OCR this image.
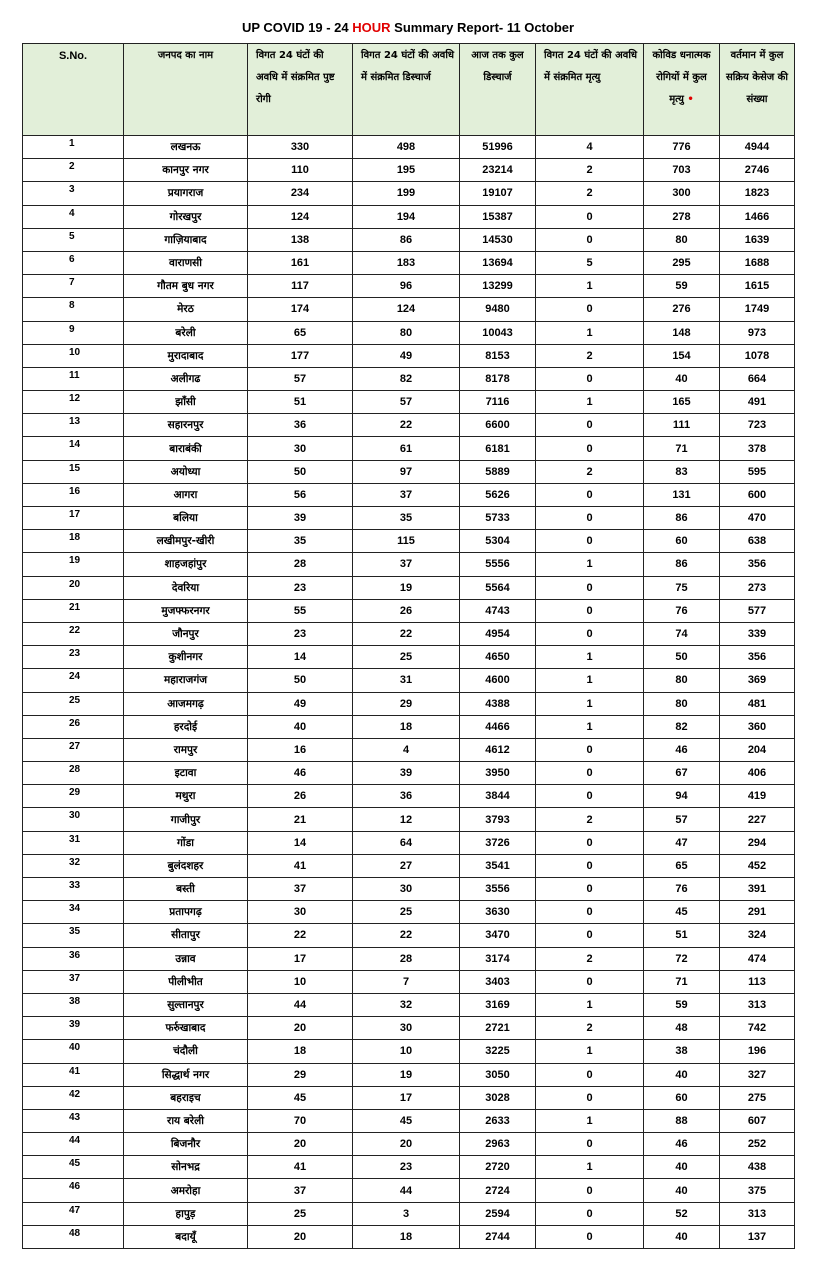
UP COVID 19 - 24 HOUR Summary Report- 11 October
S.No.	जनपद का नाम	विगत 24 घंटों की अवधि में संक्रमित पुष्ट रोगी	विगत 24 घंटों की अवधि में संक्रमित डिस्चार्ज	आज तक कुल डिस्चार्ज	विगत 24 घंटों की अवधि में संक्रमित मृत्यु	कोविड धनात्मक रोगियों में कुल मृत्यु •	वर्तमान में कुल सक्रिय केसेज की संख्या
1	लखनऊ	330	498	51996	4	776	4944
2	कानपुर नगर	110	195	23214	2	703	2746
3	प्रयागराज	234	199	19107	2	300	1823
4	गोरखपुर	124	194	15387	0	278	1466
5	गाज़ियाबाद	138	86	14530	0	80	1639
6	वाराणसी	161	183	13694	5	295	1688
7	गौतम बुध नगर	117	96	13299	1	59	1615
8	मेरठ	174	124	9480	0	276	1749
9	बरेली	65	80	10043	1	148	973
10	मुरादाबाद	177	49	8153	2	154	1078
11	अलीगढ	57	82	8178	0	40	664
12	झाँसी	51	57	7116	1	165	491
13	सहारनपुर	36	22	6600	0	111	723
14	बाराबंकी	30	61	6181	0	71	378
15	अयोध्या	50	97	5889	2	83	595
16	आगरा	56	37	5626	0	131	600
17	बलिया	39	35	5733	0	86	470
18	लखीमपुर-खीरी	35	115	5304	0	60	638
19	शाहजहांपुर	28	37	5556	1	86	356
20	देवरिया	23	19	5564	0	75	273
21	मुजफ्फरनगर	55	26	4743	0	76	577
22	जौनपुर	23	22	4954	0	74	339
23	कुशीनगर	14	25	4650	1	50	356
24	महाराजगंज	50	31	4600	1	80	369
25	आजमगढ़	49	29	4388	1	80	481
26	हरदोई	40	18	4466	1	82	360
27	रामपुर	16	4	4612	0	46	204
28	इटावा	46	39	3950	0	67	406
29	मथुरा	26	36	3844	0	94	419
30	गाजीपुर	21	12	3793	2	57	227
31	गोंडा	14	64	3726	0	47	294
32	बुलंदशहर	41	27	3541	0	65	452
33	बस्ती	37	30	3556	0	76	391
34	प्रतापगढ़	30	25	3630	0	45	291
35	सीतापुर	22	22	3470	0	51	324
36	उन्नाव	17	28	3174	2	72	474
37	पीलीभीत	10	7	3403	0	71	113
38	सुल्तानपुर	44	32	3169	1	59	313
39	फर्रुखाबाद	20	30	2721	2	48	742
40	चंदौली	18	10	3225	1	38	196
41	सिद्धार्थ नगर	29	19	3050	0	40	327
42	बहराइच	45	17	3028	0	60	275
43	राय बरेली	70	45	2633	1	88	607
44	बिजनौर	20	20	2963	0	46	252
45	सोनभद्र	41	23	2720	1	40	438
46	अमरोहा	37	44	2724	0	40	375
47	हापुड़	25	3	2594	0	52	313
48	बदायूँ	20	18	2744	0	40	137
